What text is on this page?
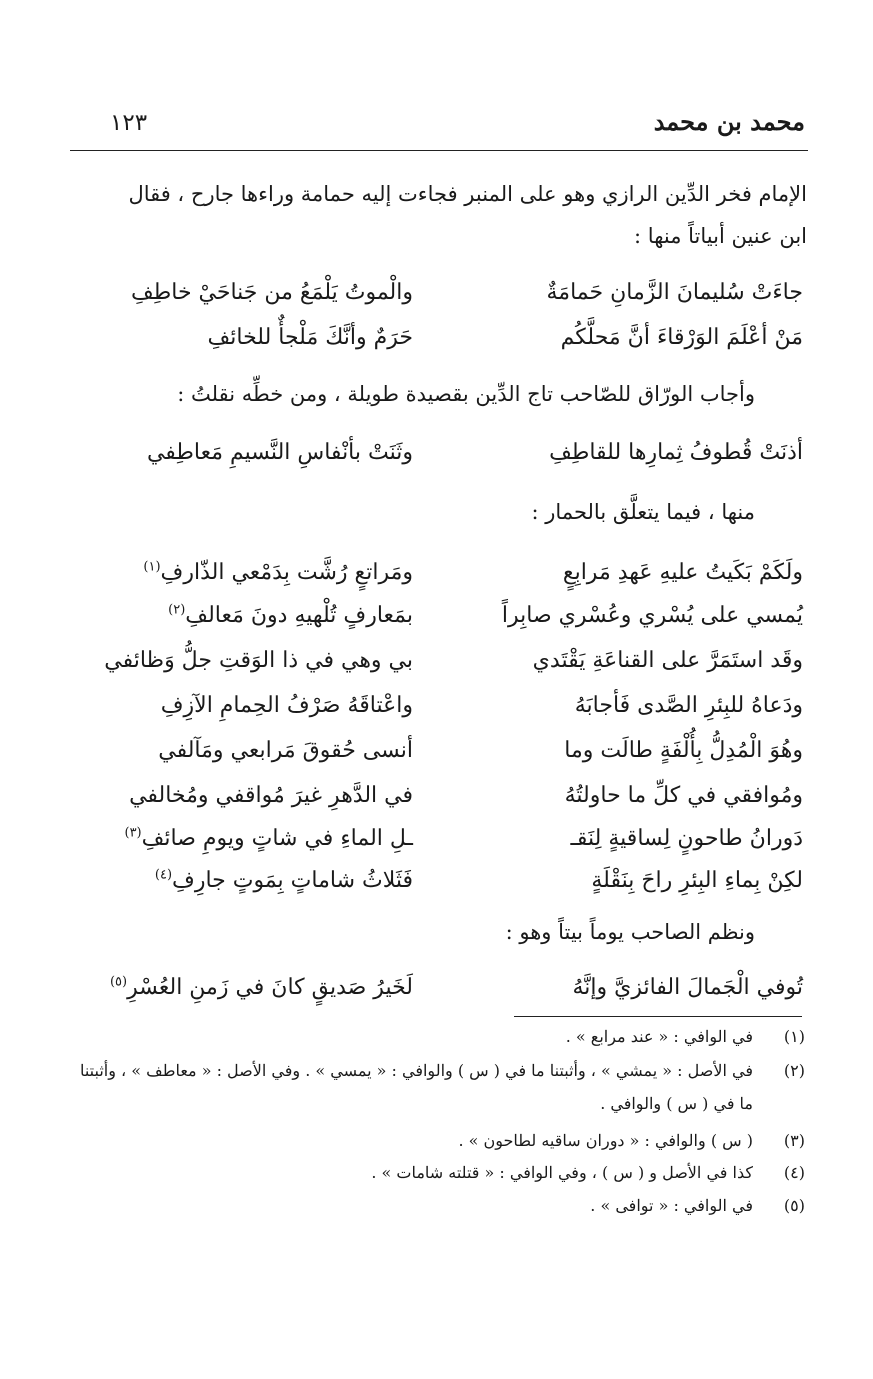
محمد بن محمد
١٢٣
الإمام فخر الدِّين الرازي وهو على المنبر فجاءت إليه حمامة وراءها جارح ، فقال
ابن عنين أبياتاً منها :
جاءَتْ سُليمانَ الزَّمانِ حَمامَةٌ
والْموتُ يَلْمَعُ من جَناحَيْ خاطِفِ
مَنْ أعْلَمَ الوَرْقاءَ أنَّ مَحلَّكُم
حَرَمٌ وأنَّكَ مَلْجأٌ للخائفِ
وأجاب الورّاق للصّاحب تاج الدِّين بقصيدة طويلة ، ومن خطِّه نقلتُ :
أذنَتْ قُطوفُ ثِمارِها للقاطِفِ
وثَنَتْ بأنْفاسِ النَّسيمِ مَعاطِفي
منها ، فيما يتعلَّق بالحمار :
ولَكَمْ بَكَيتُ عليهِ عَهدِ مَرابِعٍ
ومَراتعٍ رُشَّت بِدَمْعي الذّارفِ$^{(١)}$
يُمسي على يُسْري وعُسْري صابِراً
بمَعارفٍ تُلْهيهِ دونَ مَعالفِ$^{(٢)}$
وقَد استَمَرَّ على القناعَةِ يَقْتَدي
بي وهي في ذا الوَقتِ جلُّ وَظائفي
ودَعاهُ للبِئرِ الصَّدى فَأجابَهُ
واعْتاقَهُ صَرْفُ الحِمامِ الآزِفِ
وهُوَ الْمُدِلُّ بِأُلْفَةٍ طالَت وما
أنسى حُقوقَ مَرابعي ومَآلفي
ومُوافقي في كلِّ ما حاولتُهُ
في الدَّهرِ غيرَ مُواقفي ومُخالفي
دَورانُ طاحونٍ لِساقيةٍ لِنَقـ
ـلِ الماءِ في شاتٍ ويومِ صائفِ$^{(٣)}$
لكِنْ بِماءِ البِئرِ راحَ بِنَقْلَةٍ
فَثَلاثُ شاماتٍ بِمَوتٍ جارِفِ$^{(٤)}$
ونظم الصاحب يوماً بيتاً وهو :
تُوفي الْجَمالَ الفائزيَّ وإنَّهُ
لَخَيرُ صَديقٍ كانَ في زَمنِ العُسْرِ$^{(٥)}$
(١)
في الوافي : « عند مرابع » .
(٢)
في الأصل : « يمشي » ، وأثبتنا ما في ( س ) والوافي : « يمسي » . وفي الأصل : « معاطف » ، وأثبتنا
ما في ( س ) والوافي .
(٣)
( س ) والوافي : « دوران ساقيه لطاحون » .
(٤)
كذا في الأصل و ( س ) ، وفي الوافي : « قتلته شامات » .
(٥)
في الوافي : « توافى » .
